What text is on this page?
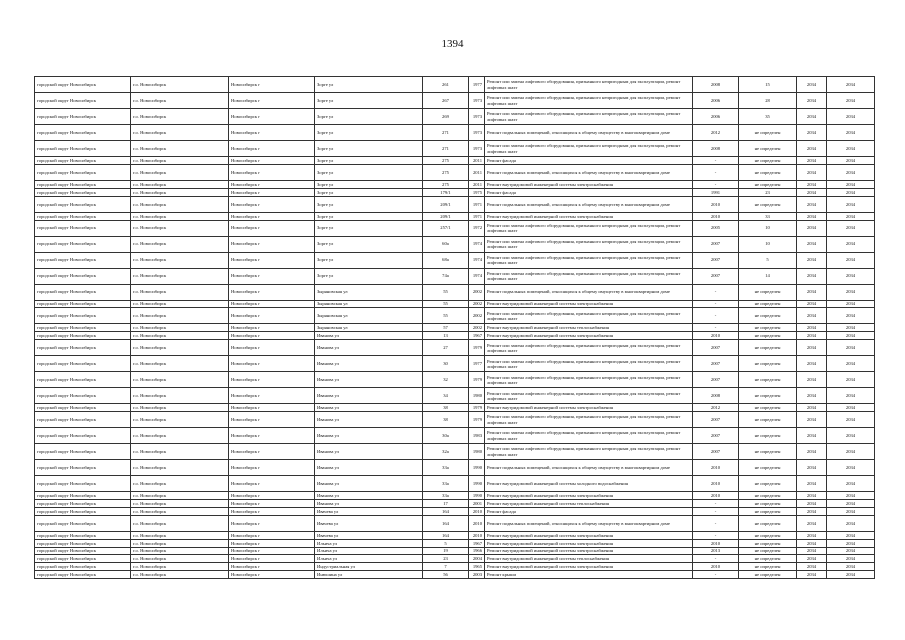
1394
городской округ Новосибирск	г.о. Новосибирск	Новосибирск г	Зорге ул	261	1977	Ремонт или замена лифтового оборудования, признанного непригодным для эксплуатации, ремонт лифтовых шахт	2008	15	2034	2034
городской округ Новосибирск	г.о. Новосибирск	Новосибирск г	Зорге ул	267	1973	Ремонт или замена лифтового оборудования, признанного непригодным для эксплуатации, ремонт лифтовых шахт	2006	28	2034	2034
городской округ Новосибирск	г.о. Новосибирск	Новосибирск г	Зорге ул	269	1973	Ремонт или замена лифтового оборудования, признанного непригодным для эксплуатации, ремонт лифтовых шахт	2006	35	2034	2034
городской округ Новосибирск	г.о. Новосибирск	Новосибирск г	Зорге ул	271	1973	Ремонт подвальных помещений, относящихся к общему имуществу в многоквартирном доме	2012	не определен	2034	2034
городской округ Новосибирск	г.о. Новосибирск	Новосибирск г	Зорге ул	271	1973	Ремонт или замена лифтового оборудования, признанного непригодным для эксплуатации, ремонт лифтовых шахт	2008	не определен	2034	2034
городской округ Новосибирск	г.о. Новосибирск	Новосибирск г	Зорге ул	275	2011	Ремонт фасада	-	не определен	2034	2034
городской округ Новосибирск	г.о. Новосибирск	Новосибирск г	Зорге ул	275	2011	Ремонт подвальных помещений, относящихся к общему имуществу в многоквартирном доме	-	не определен	2034	2034
городской округ Новосибирск	г.о. Новосибирск	Новосибирск г	Зорге ул	275	2011	Ремонт внутридомовой инженерной системы электроснабжения	-	не определен	2034	2034
городской округ Новосибирск	г.о. Новосибирск	Новосибирск г	Зорге ул	179/1	1975	Ремонт фасада	1991	23	2034	2034
городской округ Новосибирск	г.о. Новосибирск	Новосибирск г	Зорге ул	209/1	1971	Ремонт подвальных помещений, относящихся к общему имуществу в многоквартирном доме	2010	не определен	2034	2034
городской округ Новосибирск	г.о. Новосибирск	Новосибирск г	Зорге ул	209/1	1971	Ремонт внутридомовой инженерной системы электроснабжения	2010	33	2034	2034
городской округ Новосибирск	г.о. Новосибирск	Новосибирск г	Зорге ул	257/1	1972	Ремонт или замена лифтового оборудования, признанного непригодным для эксплуатации, ремонт лифтовых шахт	2005	10	2034	2034
городской округ Новосибирск	г.о. Новосибирск	Новосибирск г	Зорге ул	60а	1974	Ремонт или замена лифтового оборудования, признанного непригодным для эксплуатации, ремонт лифтовых шахт	2007	10	2034	2034
городской округ Новосибирск	г.о. Новосибирск	Новосибирск г	Зорге ул	68а	1974	Ремонт или замена лифтового оборудования, признанного непригодным для эксплуатации, ремонт лифтовых шахт	2007	5	2034	2034
городской округ Новосибирск	г.о. Новосибирск	Новосибирск г	Зорге ул	74а	1974	Ремонт или замена лифтового оборудования, признанного непригодным для эксплуатации, ремонт лифтовых шахт	2007	14	2034	2034
городской округ Новосибирск	г.о. Новосибирск	Новосибирск г	Зыряновская ул	55	2002	Ремонт подвальных помещений, относящихся к общему имуществу в многоквартирном доме	-	не определен	2034	2034
городской округ Новосибирск	г.о. Новосибирск	Новосибирск г	Зыряновская ул	55	2002	Ремонт внутридомовой инженерной системы электроснабжения	-	не определен	2034	2034
городской округ Новосибирск	г.о. Новосибирск	Новосибирск г	Зыряновская ул	55	2002	Ремонт или замена лифтового оборудования, признанного непригодным для эксплуатации, ремонт лифтовых шахт	-	не определен	2034	2034
городской округ Новосибирск	г.о. Новосибирск	Новосибирск г	Зыряновская ул	57	2002	Ремонт внутридомовой инженерной системы теплоснабжения	-	не определен	2034	2034
городской округ Новосибирск	г.о. Новосибирск	Новосибирск г	Иванова ул	13	1967	Ремонт внутридомовой инженерной системы электроснабжения	2010	не определен	2034	2034
городской округ Новосибирск	г.о. Новосибирск	Новосибирск г	Иванова ул	27	1979	Ремонт или замена лифтового оборудования, признанного непригодным для эксплуатации, ремонт лифтовых шахт	2007	не определен	2034	2034
городской округ Новосибирск	г.о. Новосибирск	Новосибирск г	Иванова ул	30	1977	Ремонт или замена лифтового оборудования, признанного непригодным для эксплуатации, ремонт лифтовых шахт	2007	не определен	2034	2034
городской округ Новосибирск	г.о. Новосибирск	Новосибирск г	Иванова ул	32	1979	Ремонт или замена лифтового оборудования, признанного непригодным для эксплуатации, ремонт лифтовых шахт	2007	не определен	2034	2034
городской округ Новосибирск	г.о. Новосибирск	Новосибирск г	Иванова ул	34	1980	Ремонт или замена лифтового оборудования, признанного непригодным для эксплуатации, ремонт лифтовых шахт	2008	не определен	2034	2034
городской округ Новосибирск	г.о. Новосибирск	Новосибирск г	Иванова ул	38	1979	Ремонт внутридомовой инженерной системы электроснабжения	2012	не определен	2034	2034
городской округ Новосибирск	г.о. Новосибирск	Новосибирск г	Иванова ул	38	1979	Ремонт или замена лифтового оборудования, признанного непригодным для эксплуатации, ремонт лифтовых шахт	2007	не определен	2034	2034
городской округ Новосибирск	г.о. Новосибирск	Новосибирск г	Иванова ул	30а	1983	Ремонт или замена лифтового оборудования, признанного непригодным для эксплуатации, ремонт лифтовых шахт	2007	не определен	2034	2034
городской округ Новосибирск	г.о. Новосибирск	Новосибирск г	Иванова ул	32а	1980	Ремонт или замена лифтового оборудования, признанного непригодным для эксплуатации, ремонт лифтовых шахт	2007	не определен	2034	2034
городской округ Новосибирск	г.о. Новосибирск	Новосибирск г	Иванова ул	33а	1990	Ремонт подвальных помещений, относящихся к общему имуществу в многоквартирном доме	2010	не определен	2034	2034
городской округ Новосибирск	г.о. Новосибирск	Новосибирск г	Иванова ул	33а	1990	Ремонт внутридомовой инженерной системы холодного водоснабжения	2010	не определен	2034	2034
городской округ Новосибирск	г.о. Новосибирск	Новосибирск г	Иванова ул	33а	1990	Ремонт внутридомовой инженерной системы электроснабжения	2010	не определен	2034	2034
городской округ Новосибирск	г.о. Новосибирск	Новосибирск г	Иванова ул	17	2001	Ремонт внутридомовой инженерной системы теплоснабжения	-	не определен	2034	2034
городской округ Новосибирск	г.о. Новосибирск	Новосибирск г	Ивачева ул	164	2010	Ремонт фасада	-	не определен	2034	2034
городской округ Новосибирск	г.о. Новосибирск	Новосибирск г	Ивачева ул	164	2010	Ремонт подвальных помещений, относящихся к общему имуществу в многоквартирном доме	-	не определен	2034	2034
городской округ Новосибирск	г.о. Новосибирск	Новосибирск г	Ивачева ул	164	2010	Ремонт внутридомовой инженерной системы электроснабжения	-	не определен	2034	2034
городской округ Новосибирск	г.о. Новосибирск	Новосибирск г	Ильича ул	5	1967	Ремонт внутридомовой инженерной системы электроснабжения	2010	не определен	2034	2034
городской округ Новосибирск	г.о. Новосибирск	Новосибирск г	Ильича ул	19	1966	Ремонт внутридомовой инженерной системы электроснабжения	2013	не определен	2034	2034
городской округ Новосибирск	г.о. Новосибирск	Новосибирск г	Ильича ул	23	2004	Ремонт внутридомовой инженерной системы теплоснабжения	-	не определен	2034	2034
городской округ Новосибирск	г.о. Новосибирск	Новосибирск г	Индустриальная ул	7	1965	Ремонт внутридомовой инженерной системы электроснабжения	2010	не определен	2034	2034
городской округ Новосибирск	г.о. Новосибирск	Новосибирск г	Инюшина ул	56	2003	Ремонт крыши	-	не определен	2034	2034
